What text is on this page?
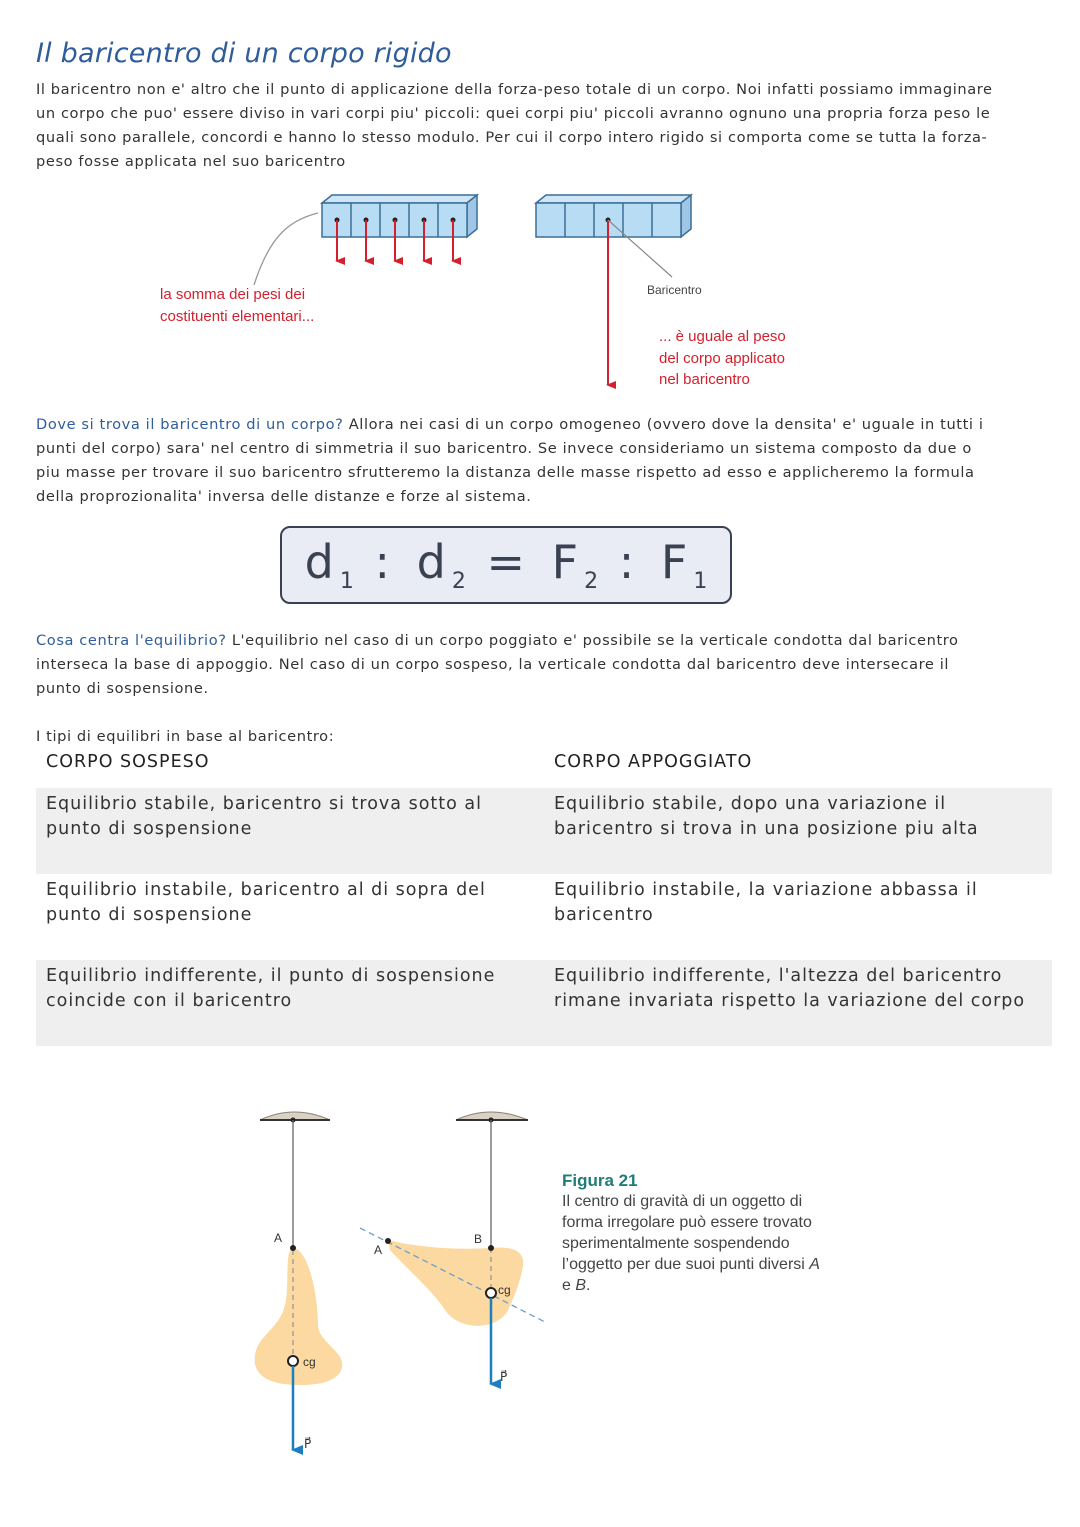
Il baricentro di un corpo rigido
Il baricentro non e' altro che il punto di applicazione della forza-peso totale di un corpo. Noi infatti possiamo immaginare un corpo che puo' essere diviso in vari corpi piu' piccoli: quei corpi piu' piccoli avranno ognuno una propria forza peso le quali sono parallele, concordi e hanno lo stesso modulo. Per cui il corpo intero rigido si comporta come se tutta la forza-peso fosse applicata nel suo baricentro
la somma dei pesi dei
costituenti elementari...
Baricentro
... è uguale al peso
del corpo applicato
nel baricentro
Dove si trova il baricentro di un corpo? Allora nei casi di un corpo omogeneo (ovvero dove la densita' e' uguale in tutti i punti del corpo) sara' nel centro di simmetria il suo baricentro. Se invece consideriamo un sistema composto da due o piu masse per trovare il suo baricentro sfrutteremo la distanza delle masse rispetto ad esso e applicheremo la formula della proprozionalita' inversa delle distanze e forze al sistema.
$d_1$ : $d_2 = F_2$ : $F_1$
Cosa centra l'equilibrio? L'equilibrio nel caso di un corpo poggiato e' possibile se la verticale condotta dal baricentro interseca la base di appoggio. Nel caso di un corpo sospeso, la verticale condotta dal baricentro deve intersecare il punto di sospensione.
I tipi di equilibri in base al baricentro:
CORPO SOSPESO	CORPO APPOGGIATO
Equilibrio stabile, baricentro si trova sotto al punto di sospensione
Equilibrio stabile, dopo una variazione il baricentro si trova in una posizione piu alta
Equilibrio instabile, baricentro al di sopra del punto di sospensione
Equilibrio instabile, la variazione abbassa il baricentro
Equilibrio indifferente, il punto di sospensione coincide con il baricentro
Equilibrio indifferente, l'altezza del baricentro rimane invariata rispetto la variazione del corpo
A
cg
P⃗
A
B
cg
P⃗
Figura 21
Il centro di gravità di un oggetto di forma irregolare può essere trovato sperimentalmente sospendendo l’oggetto per due suoi punti diversi A e B.
